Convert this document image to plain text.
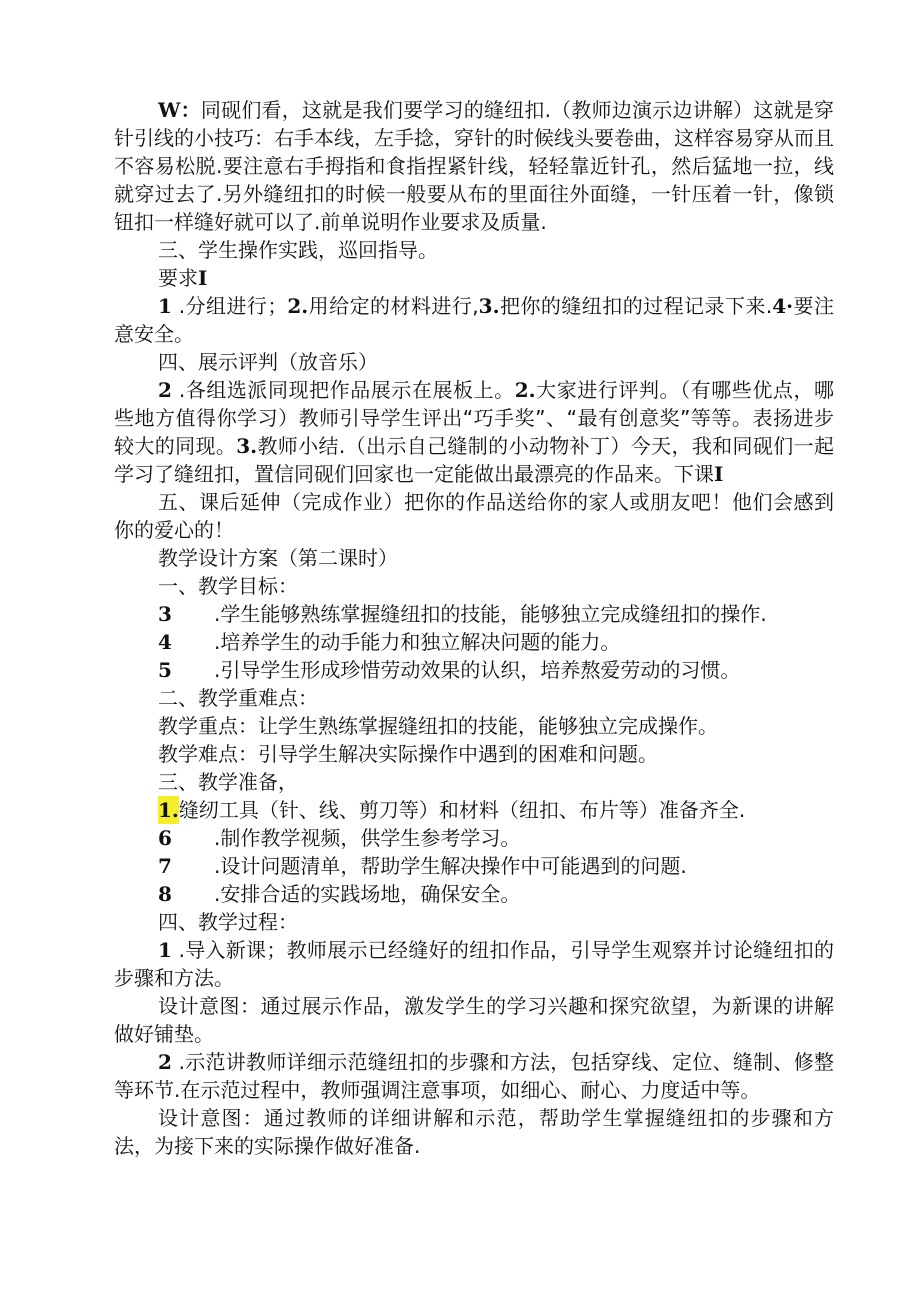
W：同砚们看，这就是我们要学习的缝纽扣.（教师边演示边讲解）这就是穿针引线的小技巧：右手本线，左手捻，穿针的时候线头要卷曲，这样容易穿从而且不容易松脱.要注意右手拇指和食指捏紧针线，轻轻靠近针孔，然后猛地一拉，线就穿过去了.另外缝纽扣的时候一般要从布的里面往外面缝，一针压着一针，像锁钮扣一样缝好就可以了.前单说明作业要求及质量.

三、学生操作实践，巡回指导。

要求I

1 .分组进行；2.用给定的材料进行,3.把你的缝纽扣的过程记录下来.4·要注意安全。

四、展示评判（放音乐）

2 .各组选派同现把作品展示在展板上。2.大家进行评判。（有哪些优点，哪些地方值得你学习）教师引导学生评出“巧手奖”、“最有创意奖”等等。表扬进步较大的同现。3.教师小结.（出示自己缝制的小动物补丁）今天，我和同砚们一起学习了缝纽扣，置信同砚们回家也一定能做出最漂亮的作品来。下课I

五、课后延伸（完成作业）把你的作品送给你的家人或朋友吧！他们会感到你的爱心的！

教学设计方案（第二课时）

一、教学目标：

3	.学生能够熟练掌握缝纽扣的技能，能够独立完成缝纽扣的操作.

4	.培养学生的动手能力和独立解决问题的能力。

5	.引导学生形成珍惜劳动效果的认织，培养熬爱劳动的习惯。

二、教学重难点：

教学重点：让学生熟练掌握缝纽扣的技能，能够独立完成操作。

教学难点：引导学生解决实际操作中遇到的困难和问题。

三、教学准备，

1. 缝纫工具（针、线、剪刀等）和材料（纽扣、布片等）准备齐全.

6	.制作教学视频，供学生参考学习。

7	.设计问题清单，帮助学生解决操作中可能遇到的问题.

8	.安排合适的实践场地，确保安全。

四、教学过程：

1 .导入新课；教师展示已经缝好的纽扣作品，引导学生观察并讨论缝纽扣的步骤和方法。

设计意图：通过展示作品，激发学生的学习兴趣和探究欲望，为新课的讲解做好铺垫。

2 .示范讲教师详细示范缝纽扣的步骤和方法，包括穿线、定位、缝制、修整等环节.在示范过程中，教师强调注意事项，如细心、耐心、力度适中等。

设计意图：通过教师的详细讲解和示范，帮助学生掌握缝纽扣的步骤和方法，为接下来的实际操作做好准备.
